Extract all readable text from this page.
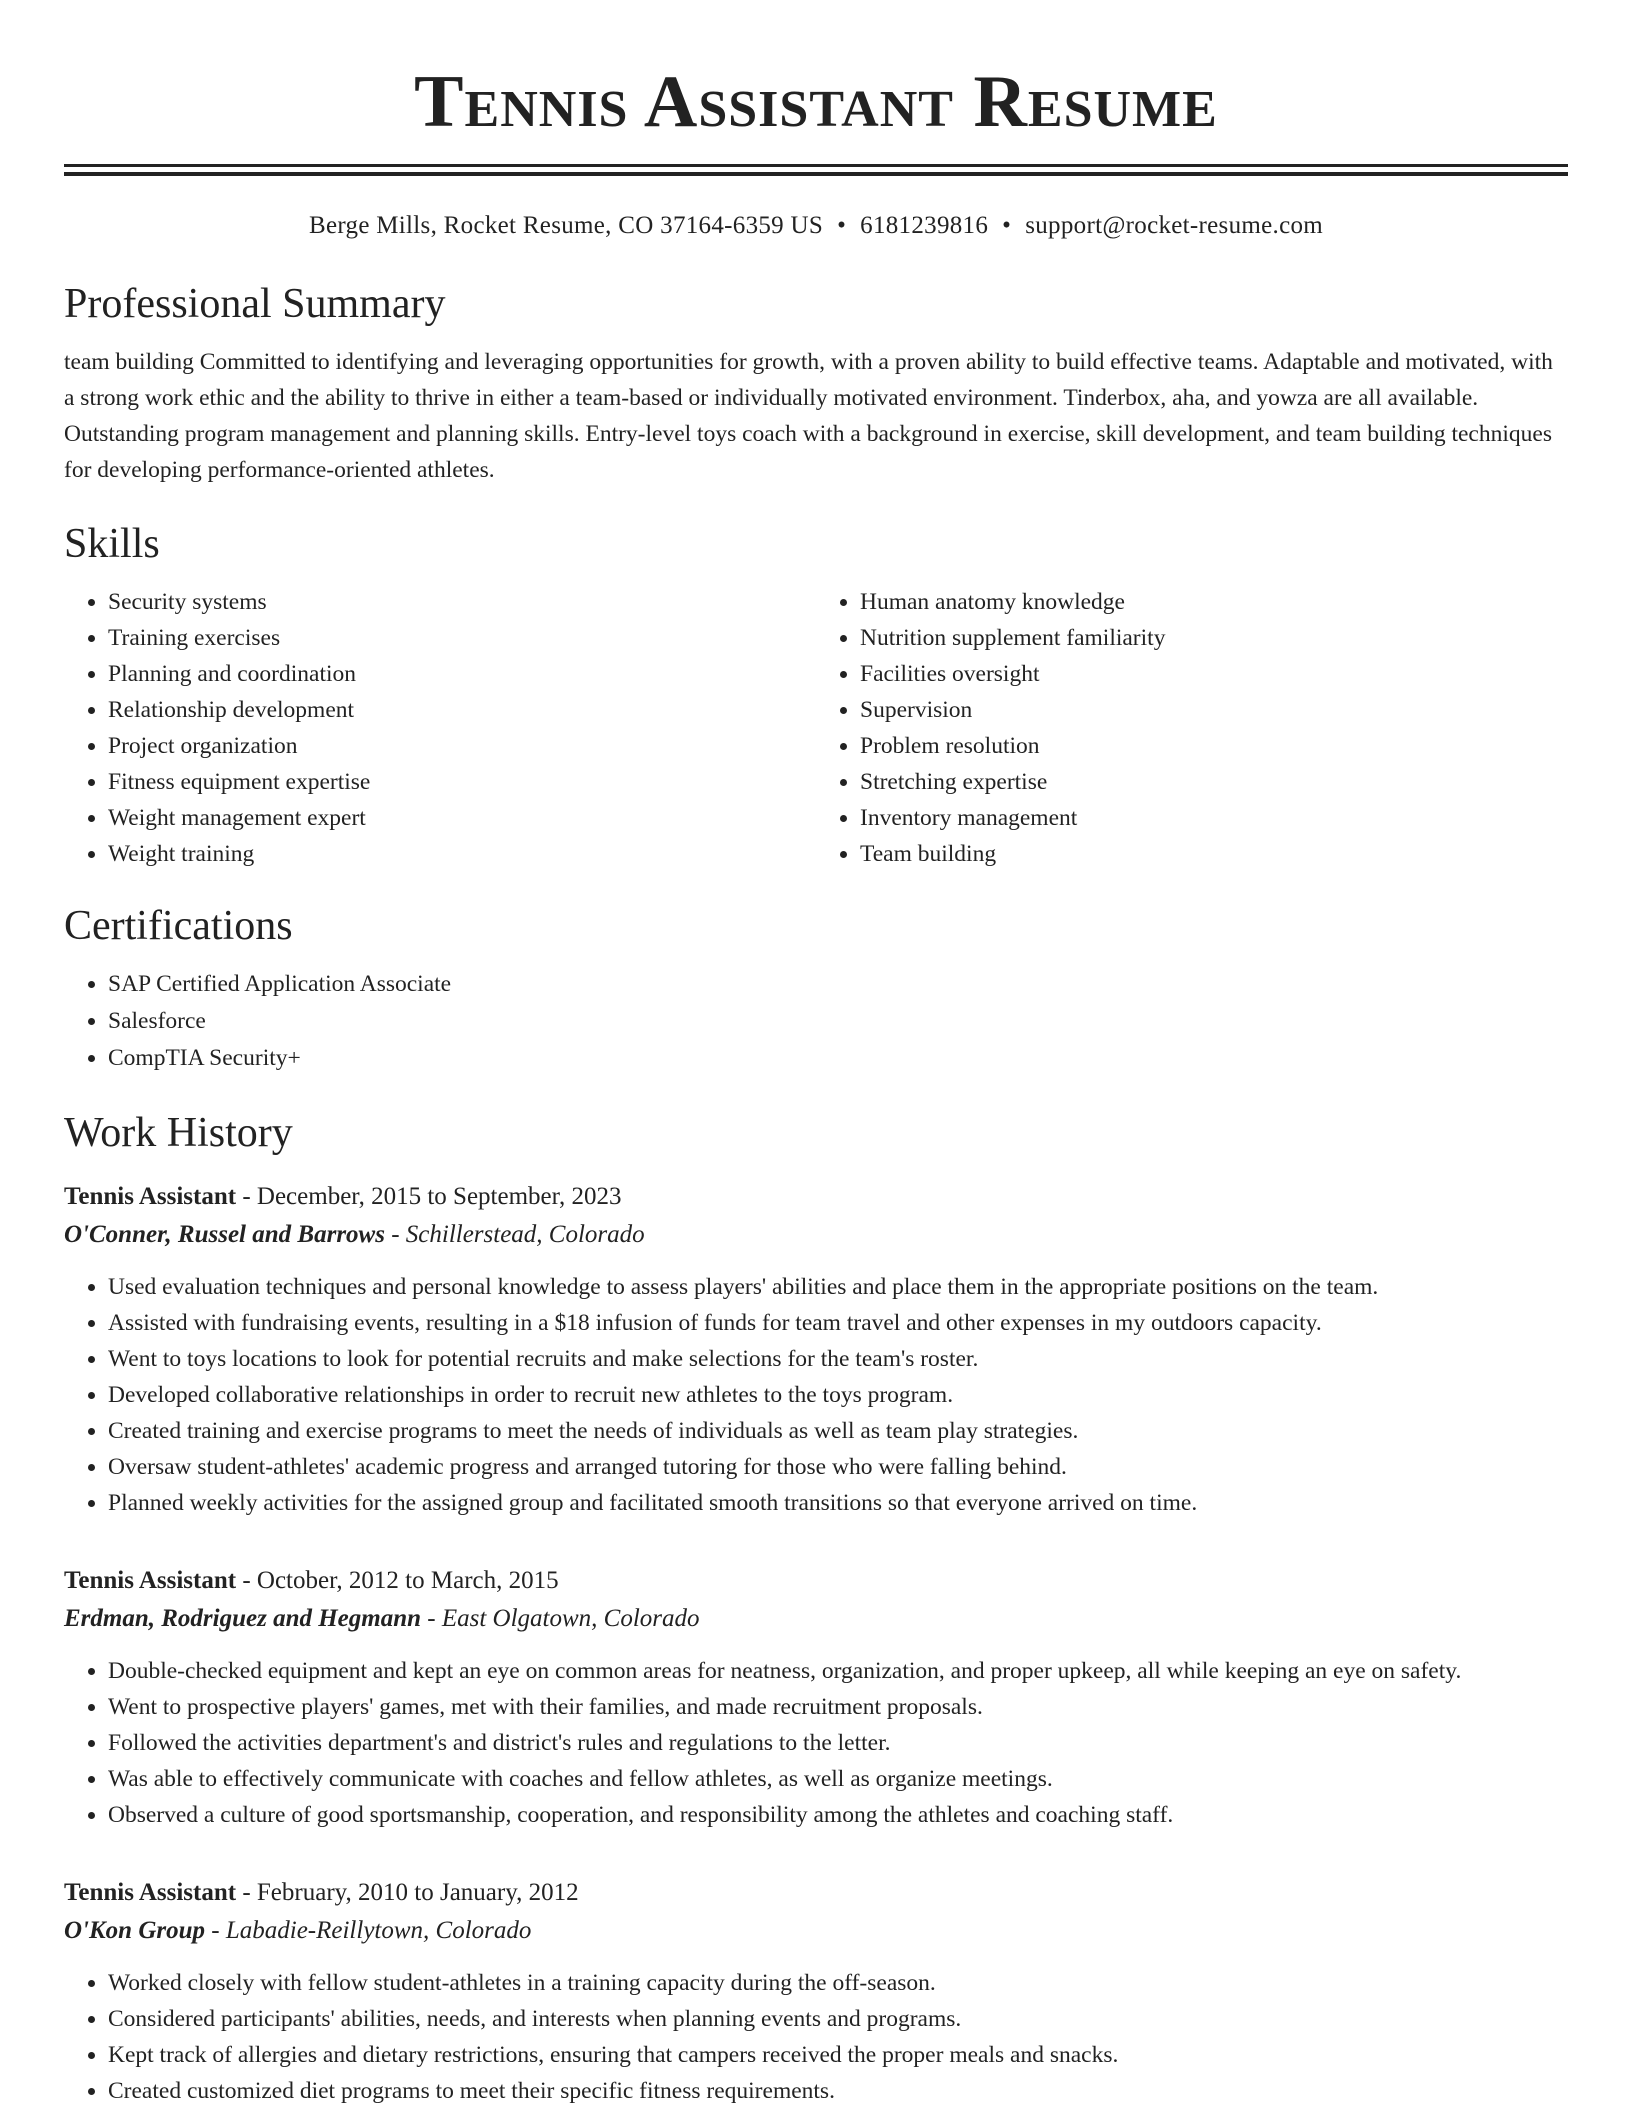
Tennis Assistant Resume
Berge Mills, Rocket Resume, CO 37164-6359 US • 6181239816 • support@rocket-resume.com
Professional Summary

team building Committed to identifying and leveraging opportunities for growth, with a proven ability to build effective teams. Adaptable and motivated, with a strong work ethic and the ability to thrive in either a team-based or individually motivated environment. Tinderbox, aha, and yowza are all available. Outstanding program management and planning skills. Entry-level toys coach with a background in exercise, skill development, and team building techniques for developing performance-oriented athletes.

Skills
• Security systems
• Training exercises
• Planning and coordination
• Relationship development
• Project organization
• Fitness equipment expertise
• Weight management expert
• Weight training
• Human anatomy knowledge
• Nutrition supplement familiarity
• Facilities oversight
• Supervision
• Problem resolution
• Stretching expertise
• Inventory management
• Team building
Certifications
• SAP Certified Application Associate
• Salesforce
• CompTIA Security+
Work History
Tennis Assistant - December, 2015 to September, 2023
O'Conner, Russel and Barrows - Schillerstead, Colorado
• Used evaluation techniques and personal knowledge to assess players' abilities and place them in the appropriate positions on the team.
• Assisted with fundraising events, resulting in a $18 infusion of funds for team travel and other expenses in my outdoors capacity.
• Went to toys locations to look for potential recruits and make selections for the team's roster.
• Developed collaborative relationships in order to recruit new athletes to the toys program.
• Created training and exercise programs to meet the needs of individuals as well as team play strategies.
• Oversaw student-athletes' academic progress and arranged tutoring for those who were falling behind.
• Planned weekly activities for the assigned group and facilitated smooth transitions so that everyone arrived on time.
Tennis Assistant - October, 2012 to March, 2015
Erdman, Rodriguez and Hegmann - East Olgatown, Colorado
• Double-checked equipment and kept an eye on common areas for neatness, organization, and proper upkeep, all while keeping an eye on safety.
• Went to prospective players' games, met with their families, and made recruitment proposals.
• Followed the activities department's and district's rules and regulations to the letter.
• Was able to effectively communicate with coaches and fellow athletes, as well as organize meetings.
• Observed a culture of good sportsmanship, cooperation, and responsibility among the athletes and coaching staff.
Tennis Assistant - February, 2010 to January, 2012
O'Kon Group - Labadie-Reillytown, Colorado
• Worked closely with fellow student-athletes in a training capacity during the off-season.
• Considered participants' abilities, needs, and interests when planning events and programs.
• Kept track of allergies and dietary restrictions, ensuring that campers received the proper meals and snacks.
• Created customized diet programs to meet their specific fitness requirements.
